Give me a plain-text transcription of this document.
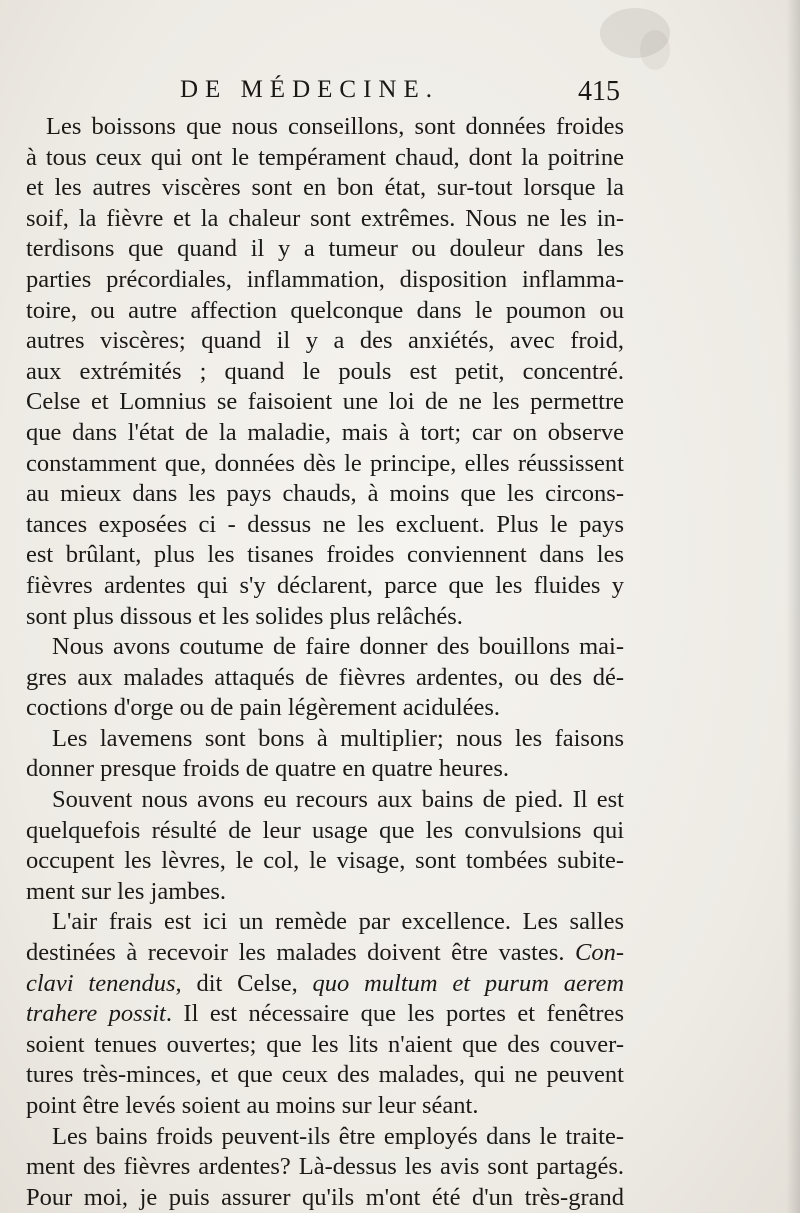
DE MÉDECINE.	415
Les boissons que nous conseillons, sont données froides
à tous ceux qui ont le tempérament chaud, dont la poitrine
et les autres viscères sont en bon état, sur-tout lorsque la
soif, la fièvre et la chaleur sont extrêmes. Nous ne les in-
terdisons que quand il y a tumeur ou douleur dans les
parties précordiales, inflammation, disposition inflamma-
toire, ou autre affection quelconque dans le poumon ou
autres viscères; quand il y a des anxiétés, avec froid,
aux extrémités ; quand le pouls est petit, concentré.
Celse et Lomnius se faisoient une loi de ne les permettre
que dans l'état de la maladie, mais à tort; car on observe
constamment que, données dès le principe, elles réussissent
au mieux dans les pays chauds, à moins que les circons-
tances exposées ci - dessus ne les excluent. Plus le pays
est brûlant, plus les tisanes froides conviennent dans les
fièvres ardentes qui s'y déclarent, parce que les fluides y
sont plus dissous et les solides plus relâchés.
Nous avons coutume de faire donner des bouillons mai-
gres aux malades attaqués de fièvres ardentes, ou des dé-
coctions d'orge ou de pain légèrement acidulées.
Les lavemens sont bons à multiplier; nous les faisons
donner presque froids de quatre en quatre heures.
Souvent nous avons eu recours aux bains de pied. Il est
quelquefois résulté de leur usage que les convulsions qui
occupent les lèvres, le col, le visage, sont tombées subite-
ment sur les jambes.
L'air frais est ici un remède par excellence. Les salles
destinées à recevoir les malades doivent être vastes. Con-
clavi tenendus, dit Celse, quo multum et purum aerem
trahere possit. Il est nécessaire que les portes et fenêtres
soient tenues ouvertes; que les lits n'aient que des couver-
tures très-minces, et que ceux des malades, qui ne peuvent
point être levés soient au moins sur leur séant.
Les bains froids peuvent-ils être employés dans le traite-
ment des fièvres ardentes? Là-dessus les avis sont partagés.
Pour moi, je puis assurer qu'ils m'ont été d'un très-grand
